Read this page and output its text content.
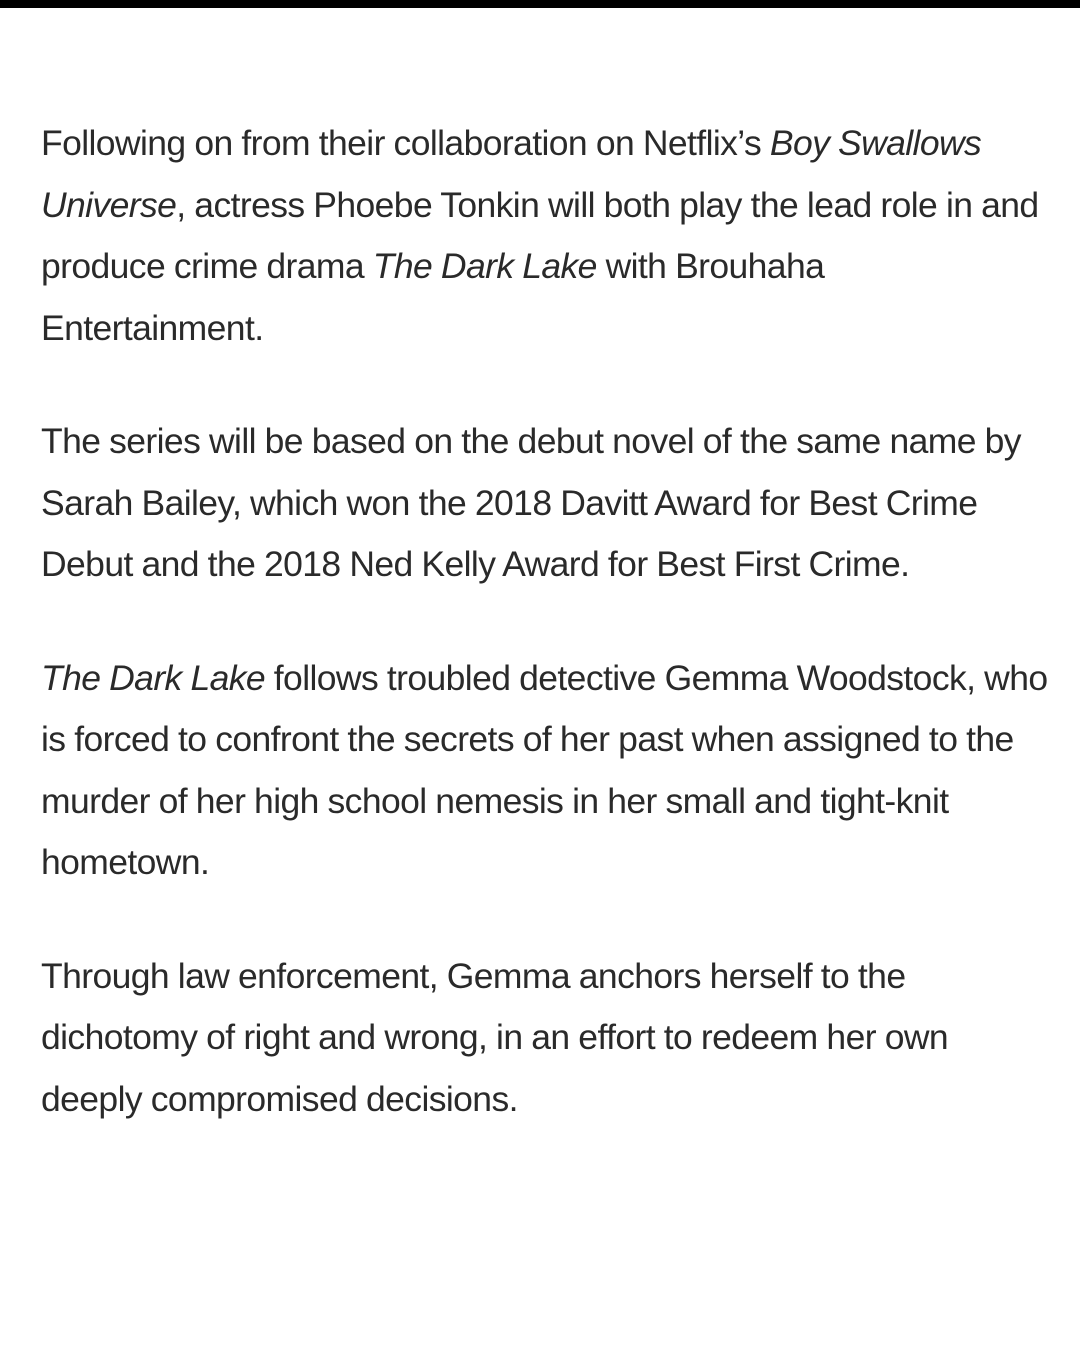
Following on from their collaboration on Netflix’s Boy Swallows Universe, actress Phoebe Tonkin will both play the lead role in and produce crime drama The Dark Lake with Brouhaha Entertainment.

The series will be based on the debut novel of the same name by Sarah Bailey, which won the 2018 Davitt Award for Best Crime Debut and the 2018 Ned Kelly Award for Best First Crime.

The Dark Lake follows troubled detective Gemma Woodstock, who is forced to confront the secrets of her past when assigned to the murder of her high school nemesis in her small and tight-knit hometown.

Through law enforcement, Gemma anchors herself to the dichotomy of right and wrong, in an effort to redeem her own deeply compromised decisions.
